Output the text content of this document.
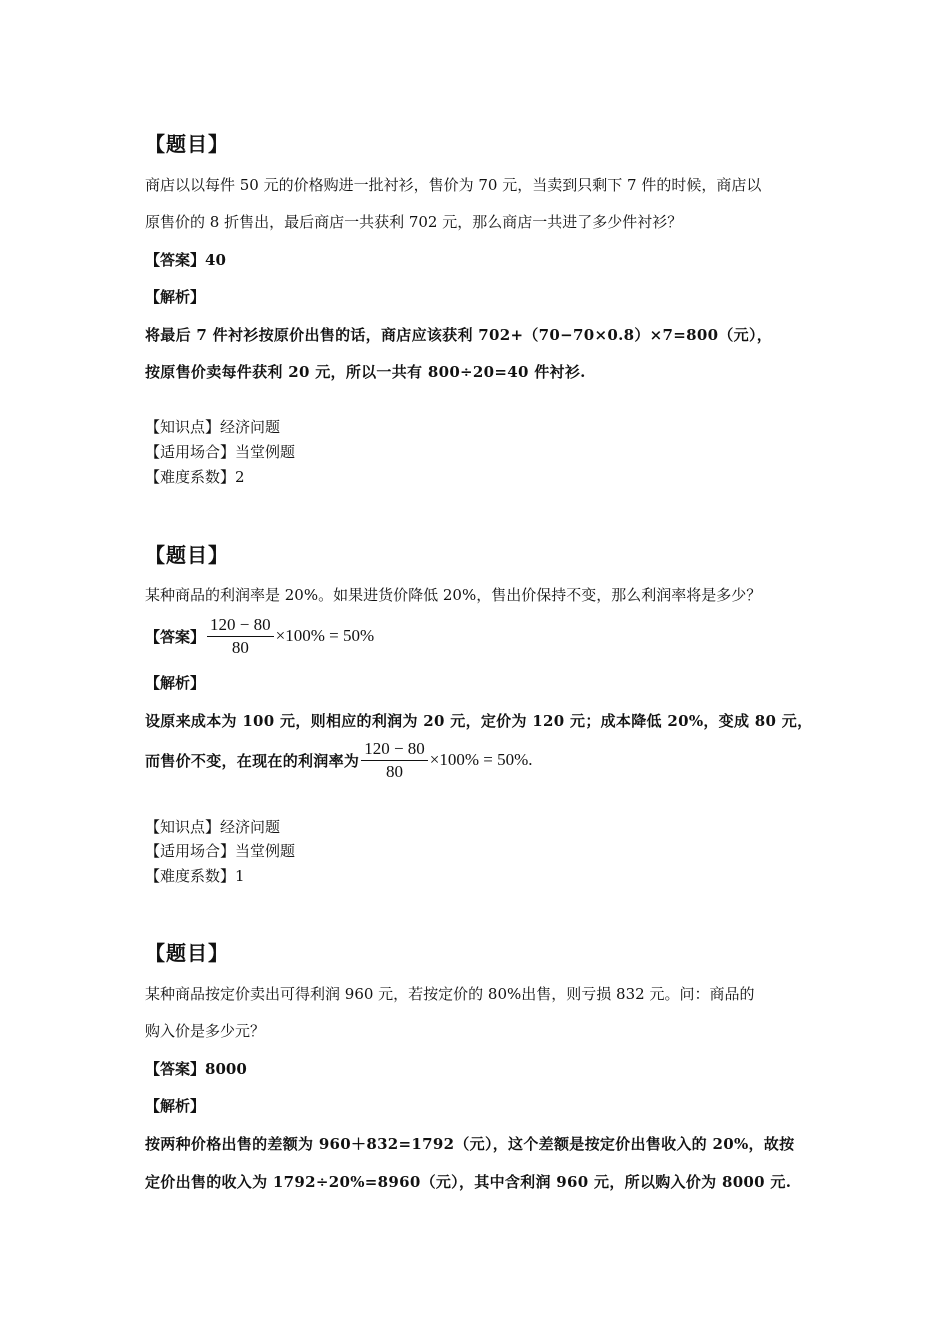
【题目】
商店以以每件 50 元的价格购进一批衬衫，售价为 70 元，当卖到只剩下 7 件的时候，商店以
原售价的 8 折售出，最后商店一共获利 702 元，那么商店一共进了多少件衬衫？
【答案】40
【解析】
将最后 7 件衬衫按原价出售的话，商店应该获利 702+（70−70×0.8）×7=800（元），
按原售价卖每件获利 20 元，所以一共有 800÷20=40 件衬衫.
【知识点】经济问题
【适用场合】当堂例题
【难度系数】2
【题目】
某种商品的利润率是 20%。如果进货价降低 20%，售出价保持不变，那么利润率将是多少？
【答案】 $\frac{120 - 80}{80} \times 100\% = 50\%$
【解析】
设原来成本为 100 元，则相应的利润为 20 元，定价为 120 元；成本降低 20%，变成 80 元，
而售价不变，在现在的利润率为 $\frac{120 - 80}{80} \times 100\% = 50\%$.
【知识点】经济问题
【适用场合】当堂例题
【难度系数】1
【题目】
某种商品按定价卖出可得利润 960 元，若按定价的 80%出售，则亏损 832 元。问：商品的
购入价是多少元？
【答案】8000
【解析】
按两种价格出售的差额为 960＋832=1792（元），这个差额是按定价出售收入的 20%，故按
定价出售的收入为 1792÷20%=8960（元），其中含利润 960 元，所以购入价为 8000 元.
